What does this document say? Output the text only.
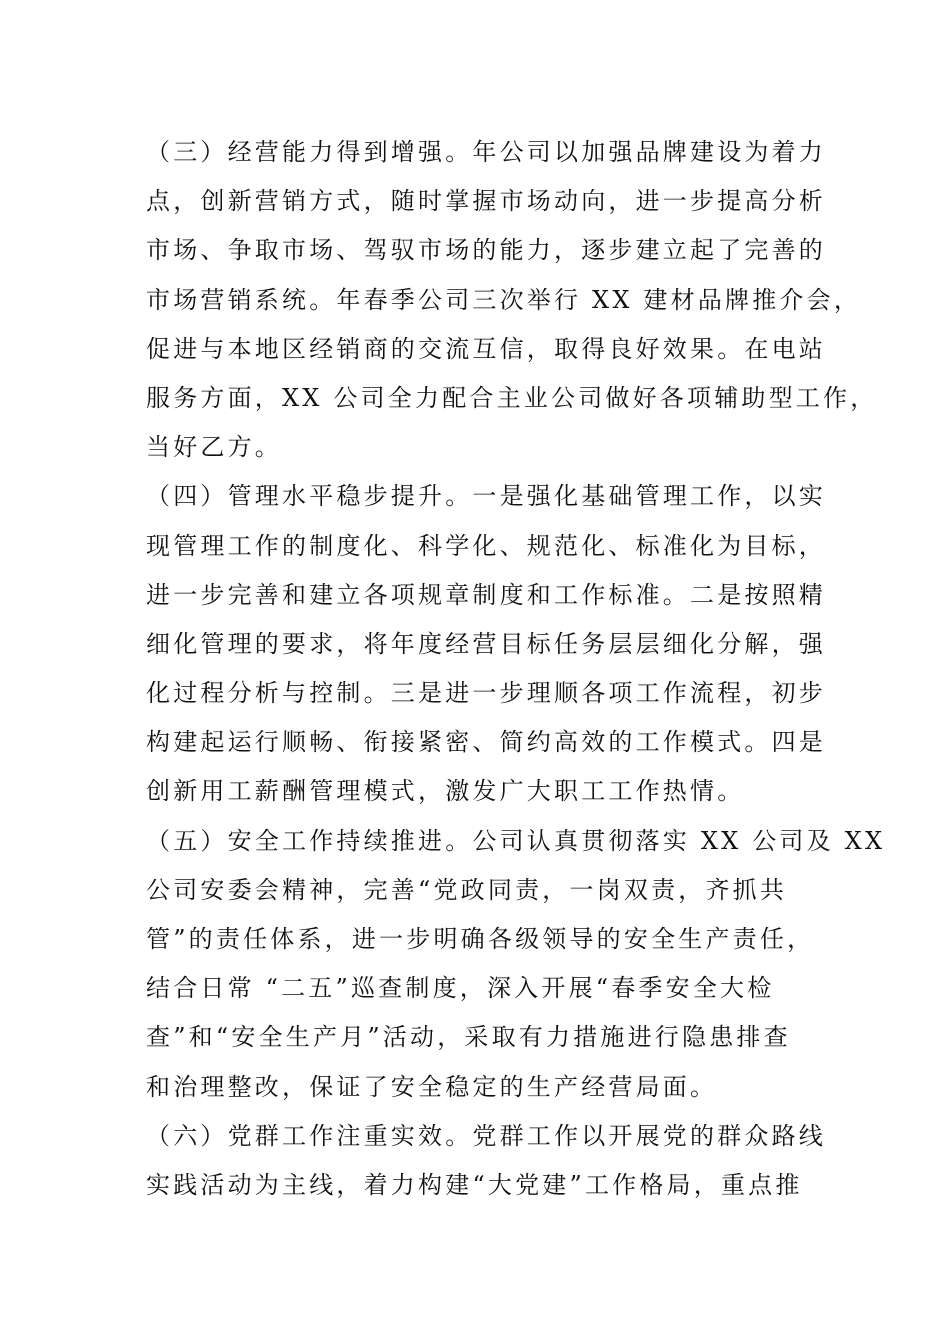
（三）经营能力得到增强。年公司以加强品牌建设为着力
点，创新营销方式，随时掌握市场动向，进一步提高分析
市场、争取市场、驾驭市场的能力，逐步建立起了完善的
市场营销系统。年春季公司三次举行 XX 建材品牌推介会，
促进与本地区经销商的交流互信，取得良好效果。在电站
服务方面，XX 公司全力配合主业公司做好各项辅助型工作，
当好乙方。
（四）管理水平稳步提升。一是强化基础管理工作，以实
现管理工作的制度化、科学化、规范化、标准化为目标，
进一步完善和建立各项规章制度和工作标准。二是按照精
细化管理的要求，将年度经营目标任务层层细化分解，强
化过程分析与控制。三是进一步理顺各项工作流程，初步
构建起运行顺畅、衔接紧密、简约高效的工作模式。四是
创新用工薪酬管理模式，激发广大职工工作热情。
（五）安全工作持续推进。公司认真贯彻落实 XX 公司及 XX
公司安委会精神，完善“党政同责，一岗双责，齐抓共
管”的责任体系，进一步明确各级领导的安全生产责任，
结合日常 “二五”巡查制度，深入开展“春季安全大检
查”和“安全生产月”活动，采取有力措施进行隐患排查
和治理整改，保证了安全稳定的生产经营局面。
（六）党群工作注重实效。党群工作以开展党的群众路线
实践活动为主线，着力构建“大党建”工作格局，重点推
